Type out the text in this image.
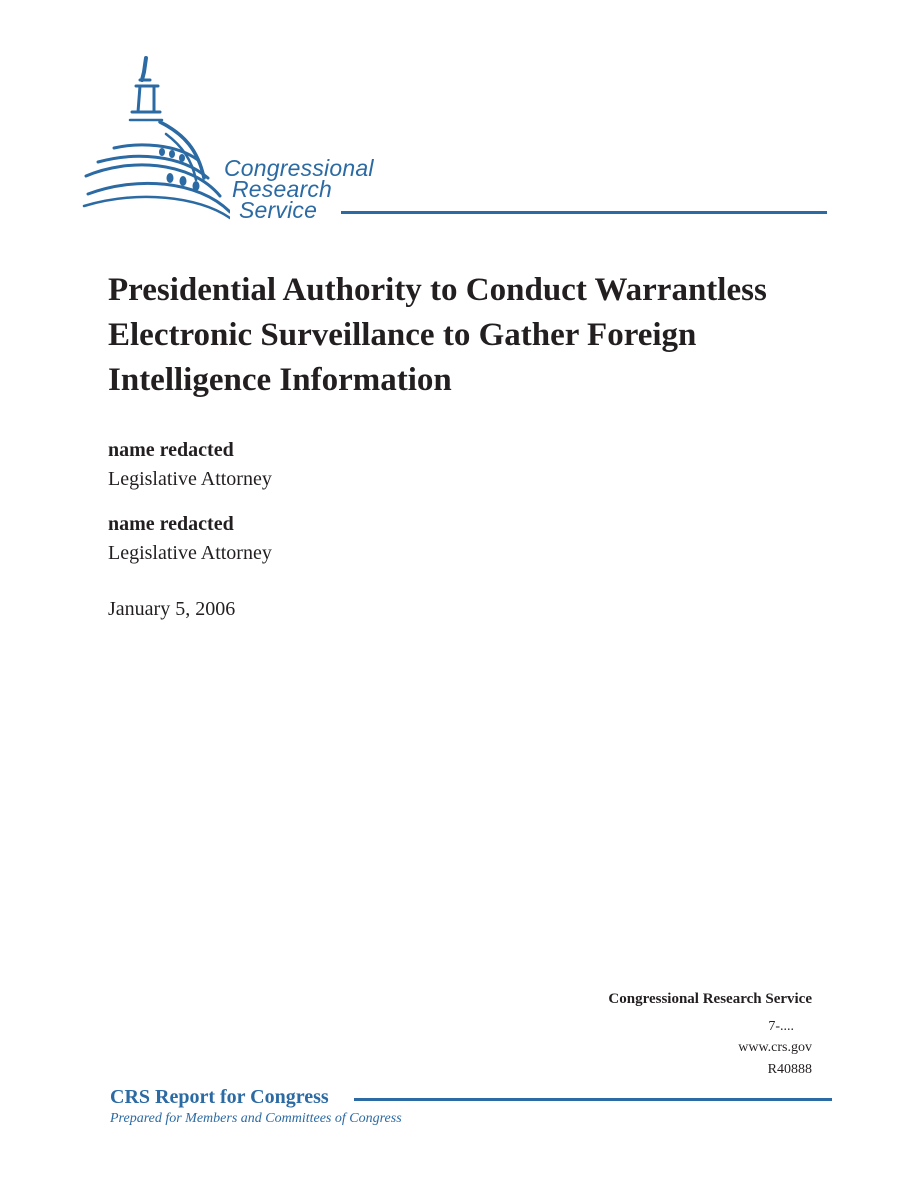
Congressional
Research
Service
Presidential Authority to Conduct Warrantless Electronic Surveillance to Gather Foreign Intelligence Information
name redacted
Legislative Attorney
name redacted
Legislative Attorney
January 5, 2006
Congressional Research Service
7-....
www.crs.gov
R40888
CRS Report for Congress
Prepared for Members and Committees of Congress
